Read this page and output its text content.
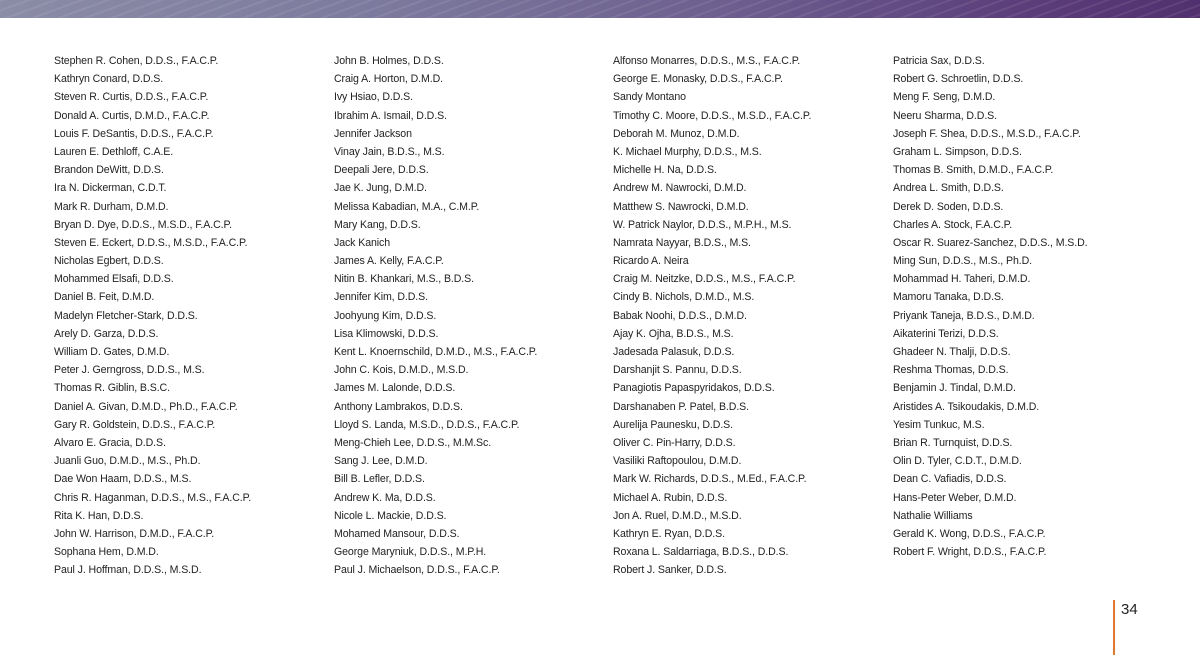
Stephen R. Cohen, D.D.S., F.A.C.P.
Kathryn Conard, D.D.S.
Steven R. Curtis, D.D.S., F.A.C.P.
Donald A. Curtis, D.M.D., F.A.C.P.
Louis F. DeSantis, D.D.S., F.A.C.P.
Lauren E. Dethloff, C.A.E.
Brandon DeWitt, D.D.S.
Ira N. Dickerman, C.D.T.
Mark R. Durham, D.M.D.
Bryan D. Dye, D.D.S., M.S.D., F.A.C.P.
Steven E. Eckert, D.D.S., M.S.D., F.A.C.P.
Nicholas Egbert, D.D.S.
Mohammed Elsafi, D.D.S.
Daniel B. Feit, D.M.D.
Madelyn Fletcher-Stark, D.D.S.
Arely D. Garza, D.D.S.
William D. Gates, D.M.D.
Peter J. Gerngross, D.D.S., M.S.
Thomas R. Giblin, B.S.C.
Daniel A. Givan, D.M.D., Ph.D., F.A.C.P.
Gary R. Goldstein, D.D.S., F.A.C.P.
Alvaro E. Gracia, D.D.S.
Juanli Guo, D.M.D., M.S., Ph.D.
Dae Won Haam, D.D.S., M.S.
Chris R. Haganman, D.D.S., M.S., F.A.C.P.
Rita K. Han, D.D.S.
John W. Harrison, D.M.D., F.A.C.P.
Sophana Hem, D.M.D.
Paul J. Hoffman, D.D.S., M.S.D.
John B. Holmes, D.D.S.
Craig A. Horton, D.M.D.
Ivy Hsiao, D.D.S.
Ibrahim A. Ismail, D.D.S.
Jennifer Jackson
Vinay Jain, B.D.S., M.S.
Deepali Jere, D.D.S.
Jae K. Jung, D.M.D.
Melissa Kabadian, M.A., C.M.P.
Mary Kang, D.D.S.
Jack Kanich
James A. Kelly, F.A.C.P.
Nitin B. Khankari, M.S., B.D.S.
Jennifer Kim, D.D.S.
Joohyung Kim, D.D.S.
Lisa Klimowski, D.D.S.
Kent L. Knoernschild, D.M.D., M.S., F.A.C.P.
John C. Kois, D.M.D., M.S.D.
James M. Lalonde, D.D.S.
Anthony Lambrakos, D.D.S.
Lloyd S. Landa, M.S.D., D.D.S., F.A.C.P.
Meng-Chieh Lee, D.D.S., M.M.Sc.
Sang J. Lee, D.M.D.
Bill B. Lefler, D.D.S.
Andrew K. Ma, D.D.S.
Nicole L. Mackie, D.D.S.
Mohamed Mansour, D.D.S.
George Maryniuk, D.D.S., M.P.H.
Paul J. Michaelson, D.D.S., F.A.C.P.
Alfonso Monarres, D.D.S., M.S., F.A.C.P.
George E. Monasky, D.D.S., F.A.C.P.
Sandy Montano
Timothy C. Moore, D.D.S., M.S.D., F.A.C.P.
Deborah M. Munoz, D.M.D.
K. Michael Murphy, D.D.S., M.S.
Michelle H. Na, D.D.S.
Andrew M. Nawrocki, D.M.D.
Matthew S. Nawrocki, D.M.D.
W. Patrick Naylor, D.D.S., M.P.H., M.S.
Namrata Nayyar, B.D.S., M.S.
Ricardo A. Neira
Craig M. Neitzke, D.D.S., M.S., F.A.C.P.
Cindy B. Nichols, D.M.D., M.S.
Babak Noohi, D.D.S., D.M.D.
Ajay K. Ojha, B.D.S., M.S.
Jadesada Palasuk, D.D.S.
Darshanjit S. Pannu, D.D.S.
Panagiotis Papaspyridakos, D.D.S.
Darshanaben P. Patel, B.D.S.
Aurelija Paunesku, D.D.S.
Oliver C. Pin-Harry, D.D.S.
Vasiliki Raftopoulou, D.M.D.
Mark W. Richards, D.D.S., M.Ed., F.A.C.P.
Michael A. Rubin, D.D.S.
Jon A. Ruel, D.M.D., M.S.D.
Kathryn E. Ryan, D.D.S.
Roxana L. Saldarriaga, B.D.S., D.D.S.
Robert J. Sanker, D.D.S.
Patricia Sax, D.D.S.
Robert G. Schroetlin, D.D.S.
Meng F. Seng, D.M.D.
Neeru Sharma, D.D.S.
Joseph F. Shea, D.D.S., M.S.D., F.A.C.P.
Graham L. Simpson, D.D.S.
Thomas B. Smith, D.M.D., F.A.C.P.
Andrea L. Smith, D.D.S.
Derek D. Soden, D.D.S.
Charles A. Stock, F.A.C.P.
Oscar R. Suarez-Sanchez, D.D.S., M.S.D.
Ming Sun, D.D.S., M.S., Ph.D.
Mohammad H. Taheri, D.M.D.
Mamoru Tanaka, D.D.S.
Priyank Taneja, B.D.S., D.M.D.
Aikaterini Terizi, D.D.S.
Ghadeer N. Thalji, D.D.S.
Reshma Thomas, D.D.S.
Benjamin J. Tindal, D.M.D.
Aristides A. Tsikoudakis, D.M.D.
Yesim Tunkuc, M.S.
Brian R. Turnquist, D.D.S.
Olin D. Tyler, C.D.T., D.M.D.
Dean C. Vafiadis, D.D.S.
Hans-Peter Weber, D.M.D.
Nathalie Williams
Gerald K. Wong, D.D.S., F.A.C.P.
Robert F. Wright, D.D.S., F.A.C.P.
34
